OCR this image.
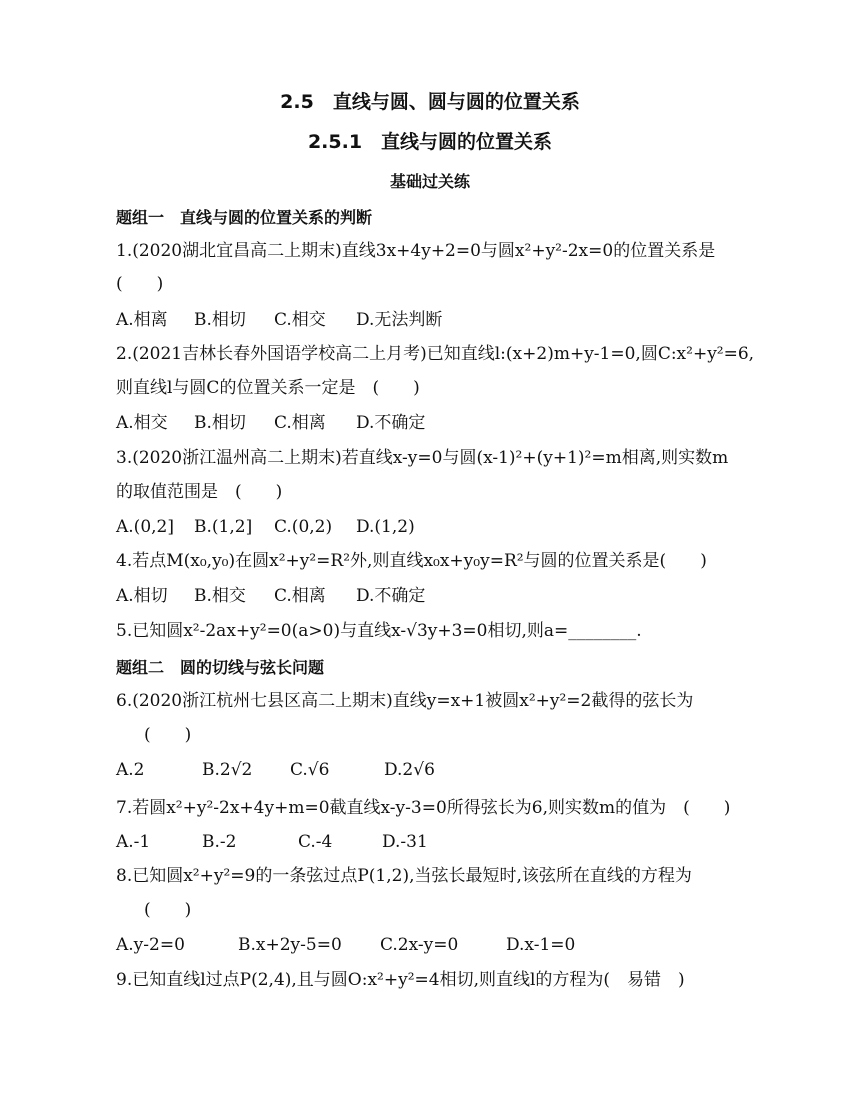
2.5　直线与圆、圆与圆的位置关系
2.5.1　直线与圆的位置关系
基础过关练
题组一　直线与圆的位置关系的判断
1.(2020湖北宜昌高二上期末)直线3x+4y+2=0与圆x²+y²-2x=0的位置关系是
(　　)
A.相离 B.相切 C.相交 D.无法判断
2.(2021吉林长春外国语学校高二上月考)已知直线l:(x+2)m+y-1=0,圆C:x²+y²=6,
则直线l与圆C的位置关系一定是　(　　)
A.相交 B.相切 C.相离 D.不确定
3.(2020浙江温州高二上期末)若直线x-y=0与圆(x-1)²+(y+1)²=m相离,则实数m
的取值范围是　(　　)
A.(0,2] B.(1,2] C.(0,2) D.(1,2)
4.若点M(x₀,y₀)在圆x²+y²=R²外,则直线x₀x+y₀y=R²与圆的位置关系是(　　)
A.相切 B.相交 C.相离 D.不确定
5.已知圆x²-2ax+y²=0(a>0)与直线x-√3y+3=0相切,则a=________.
题组二　圆的切线与弦长问题
6.(2020浙江杭州七县区高二上期末)直线y=x+1被圆x²+y²=2截得的弦长为
(　　)
A.2	B.2√2 C.√6	D.2√6
7.若圆x²+y²-2x+4y+m=0截直线x-y-3=0所得弦长为6,则实数m的值为　(　　)
A.-1	B.-2	C.-4	D.-31
8.已知圆x²+y²=9的一条弦过点P(1,2),当弦长最短时,该弦所在直线的方程为
(　　)
A.y-2=0	B.x+2y-5=0 C.2x-y=0	D.x-1=0
9.已知直线l过点P(2,4),且与圆O:x²+y²=4相切,则直线l的方程为(　易错　)
